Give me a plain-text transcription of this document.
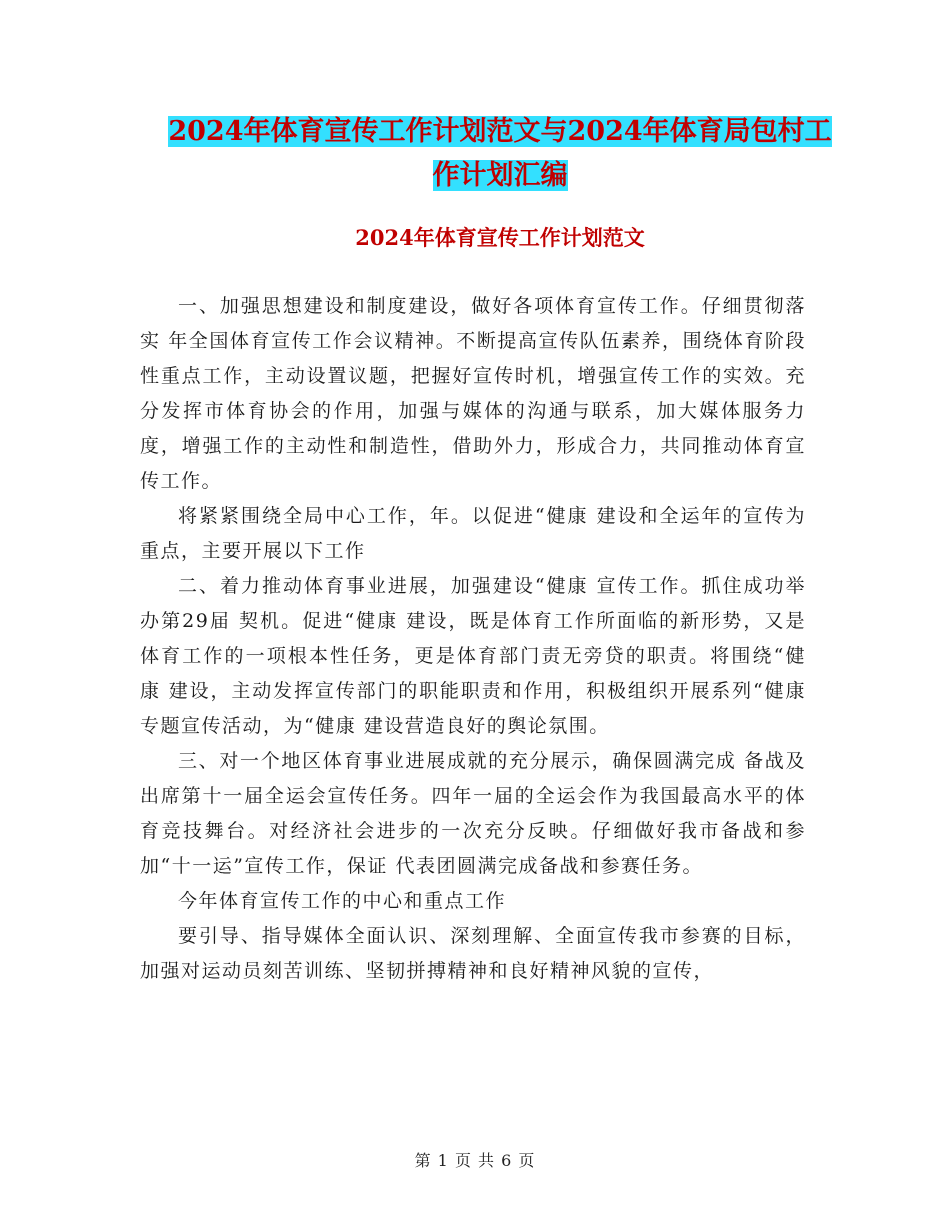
2024年体育宣传工作计划范文与2024年体育局包村工
作计划汇编
2024年体育宣传工作计划范文

一、加强思想建设和制度建设，做好各项体育宣传工作。仔细贯彻落实 年全国体育宣传工作会议精神。不断提高宣传队伍素养，围绕体育阶段性重点工作，主动设置议题，把握好宣传时机，增强宣传工作的实效。充分发挥市体育协会的作用，加强与媒体的沟通与联系，加大媒体服务力度，增强工作的主动性和制造性，借助外力，形成合力，共同推动体育宣传工作。

将紧紧围绕全局中心工作，年。以促进“健康 建设和全运年的宣传为重点，主要开展以下工作

二、着力推动体育事业进展，加强建设“健康 宣传工作。抓住成功举办第29届 契机。促进“健康 建设，既是体育工作所面临的新形势，又是体育工作的一项根本性任务，更是体育部门责无旁贷的职责。将围绕“健康 建设，主动发挥宣传部门的职能职责和作用，积极组织开展系列“健康 专题宣传活动，为“健康 建设营造良好的舆论氛围。

三、对一个地区体育事业进展成就的充分展示，确保圆满完成 备战及出席第十一届全运会宣传任务。四年一届的全运会作为我国最高水平的体育竞技舞台。对经济社会进步的一次充分反映。仔细做好我市备战和参加“十一运”宣传工作，保证 代表团圆满完成备战和参赛任务。

今年体育宣传工作的中心和重点工作

要引导、指导媒体全面认识、深刻理解、全面宣传我市参赛的目标，加强对运动员刻苦训练、坚韧拼搏精神和良好精神风貌的宣传，

第 1 页 共 6 页
